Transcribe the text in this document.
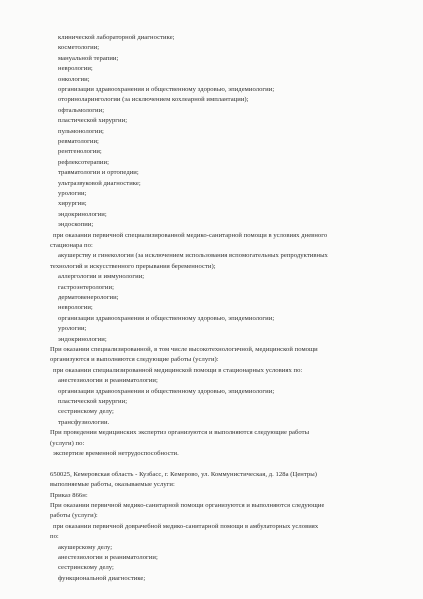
клинической лабораторной диагностике;
косметологии;
мануальной терапии;
неврологии;
онкологии;
организации здравоохранения и общественному здоровью, эпидемиологии;
оториноларингологии (за исключением кохлеарной имплантации);
офтальмологии;
пластической хирургии;
пульмонологии;
ревматологии;
рентгенологии;
рефлексотерапии;
травматологии и ортопедии;
ультразвуковой диагностике;
урологии;
хирургии;
эндокринологии;
эндоскопии;
при оказании первичной специализированной медико-санитарной помощи в условиях дневного
стационара по:
акушерству и гинекологии (за исключением использования вспомогательных репродуктивных
технологий и искусственного прерывания беременности);
аллергологии и иммунологии;
гастроэнтерологии;
дерматовенерологии;
неврологии;
организации здравоохранения и общественному здоровью, эпидемиологии;
урологии;
эндокринологии;
При оказании специализированной, в том числе высокотехнологичной, медицинской помощи
организуются и выполняются следующие работы (услуги):
при оказании специализированной медицинской помощи в стационарных условиях по:
анестезиологии и реаниматологии;
организации здравоохранения и общественному здоровью, эпидемиологии;
пластической хирургии;
сестринскому делу;
трансфузиологии.
При проведении медицинских экспертиз организуются и выполняются следующие работы
(услуги) по:
экспертизе временной нетрудоспособности.
650025, Кемеровская область - Кузбасс, г. Кемерово, ул. Коммунистическая, д. 128а (Центры)
выполняемые работы, оказываемые услуги:
Приказ 866н:
При оказании первичной медико-санитарной помощи организуются и выполняются следующие
работы (услуги):
при оказании первичной доврачебной медико-санитарной помощи в амбулаторных условиях
по:
акушерскому делу;
анестезиологии и реаниматологии;
сестринскому делу;
функциональной диагностике;
